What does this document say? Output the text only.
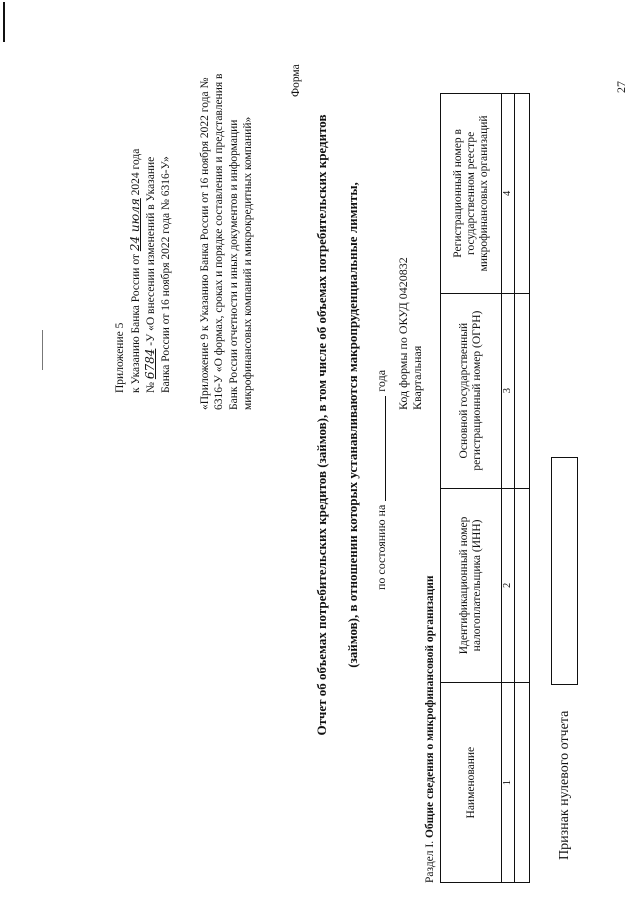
27
Приложение 5 к Указанию Банка России от 24 июля 2024 года
№ 6784 -У «О внесении изменений в Указание Банка России от 16 ноября 2022 года № 6316-У» «Приложение 9 к Указанию Банка России от 16 ноября 2022 года № 6316-У «О формах, сроках и порядке составления и представления в Банк России отчетности и иных документов и информации микрофинансовых компаний и микрокредитных компаний»
Форма
Отчет об объемах потребительских кредитов (займов), в том числе об объемах потребительских кредитов (займов), в отношении которых устанавливаются макропруденциальные лимиты, по состоянию нагода Код формы по ОКУД 0420832 Квартальная
Раздел I. Общие сведения о микрофинансовой организации Наименование	Идентификационный номер налогоплательщика (ИНН)	Основной государственный регистрационный номер (ОГРН)	Регистрационный номер в государственном реестре микрофинансовых организаций
1	2	3	4

Признак нулевого отчета
